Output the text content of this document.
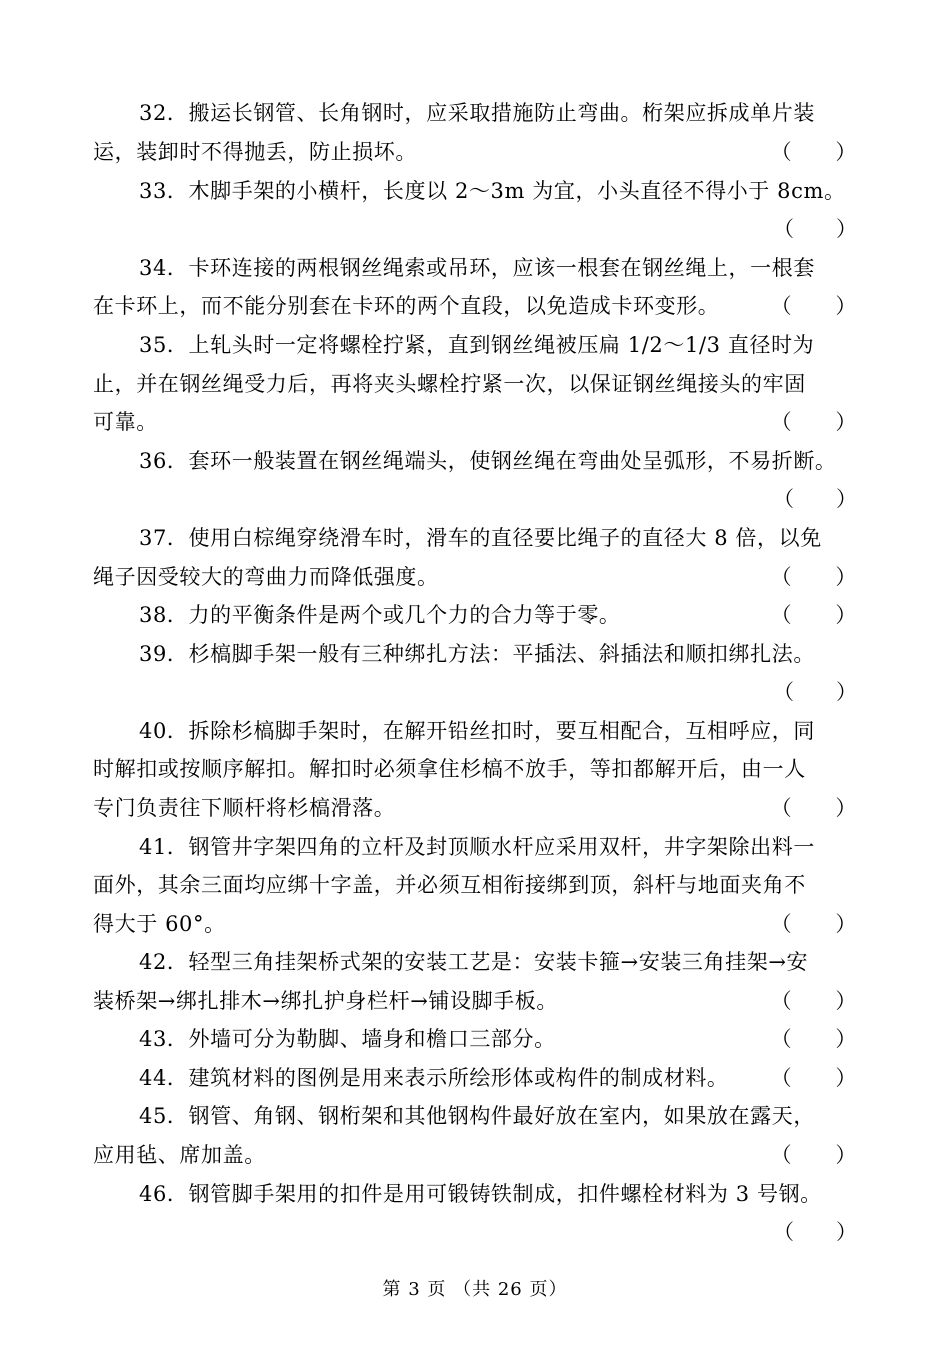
32．搬运长钢管、长角钢时，应采取措施防止弯曲。桁架应拆成单片装
运，装卸时不得抛丢，防止损坏。	（　　）
33．木脚手架的小横杆，长度以 2～3m 为宜，小头直径不得小于 8cm。
（　　）
34．卡环连接的两根钢丝绳索或吊环，应该一根套在钢丝绳上，一根套
在卡环上，而不能分别套在卡环的两个直段，以免造成卡环变形。 （　　）
35．上轧头时一定将螺栓拧紧，直到钢丝绳被压扁 1/2～1/3 直径时为
止，并在钢丝绳受力后，再将夹头螺栓拧紧一次，以保证钢丝绳接头的牢固
可靠。	（　　）
36．套环一般装置在钢丝绳端头，使钢丝绳在弯曲处呈弧形，不易折断。
（　　）
37．使用白棕绳穿绕滑车时，滑车的直径要比绳子的直径大 8 倍，以免
绳子因受较大的弯曲力而降低强度。	（　　）
38．力的平衡条件是两个或几个力的合力等于零。	（　　）
39．杉槁脚手架一般有三种绑扎方法：平插法、斜插法和顺扣绑扎法。
（　　）
40．拆除杉槁脚手架时，在解开铅丝扣时，要互相配合，互相呼应，同
时解扣或按顺序解扣。解扣时必须拿住杉槁不放手，等扣都解开后，由一人
专门负责往下顺杆将杉槁滑落。	（　　）
41．钢管井字架四角的立杆及封顶顺水杆应采用双杆，井字架除出料一
面外，其余三面均应绑十字盖，并必须互相衔接绑到顶，斜杆与地面夹角不
得大于 60°。	（　　）
42．轻型三角挂架桥式架的安装工艺是：安装卡箍→安装三角挂架→安
装桥架→绑扎排木→绑扎护身栏杆→铺设脚手板。	（　　）
43．外墙可分为勒脚、墙身和檐口三部分。	（　　）
44．建筑材料的图例是用来表示所绘形体或构件的制成材料。 （　　）
45．钢管、角钢、钢桁架和其他钢构件最好放在室内，如果放在露天，
应用毡、席加盖。	（　　）
46．钢管脚手架用的扣件是用可锻铸铁制成，扣件螺栓材料为 3 号钢。
（　　）
第 3 页 （共 26 页）
